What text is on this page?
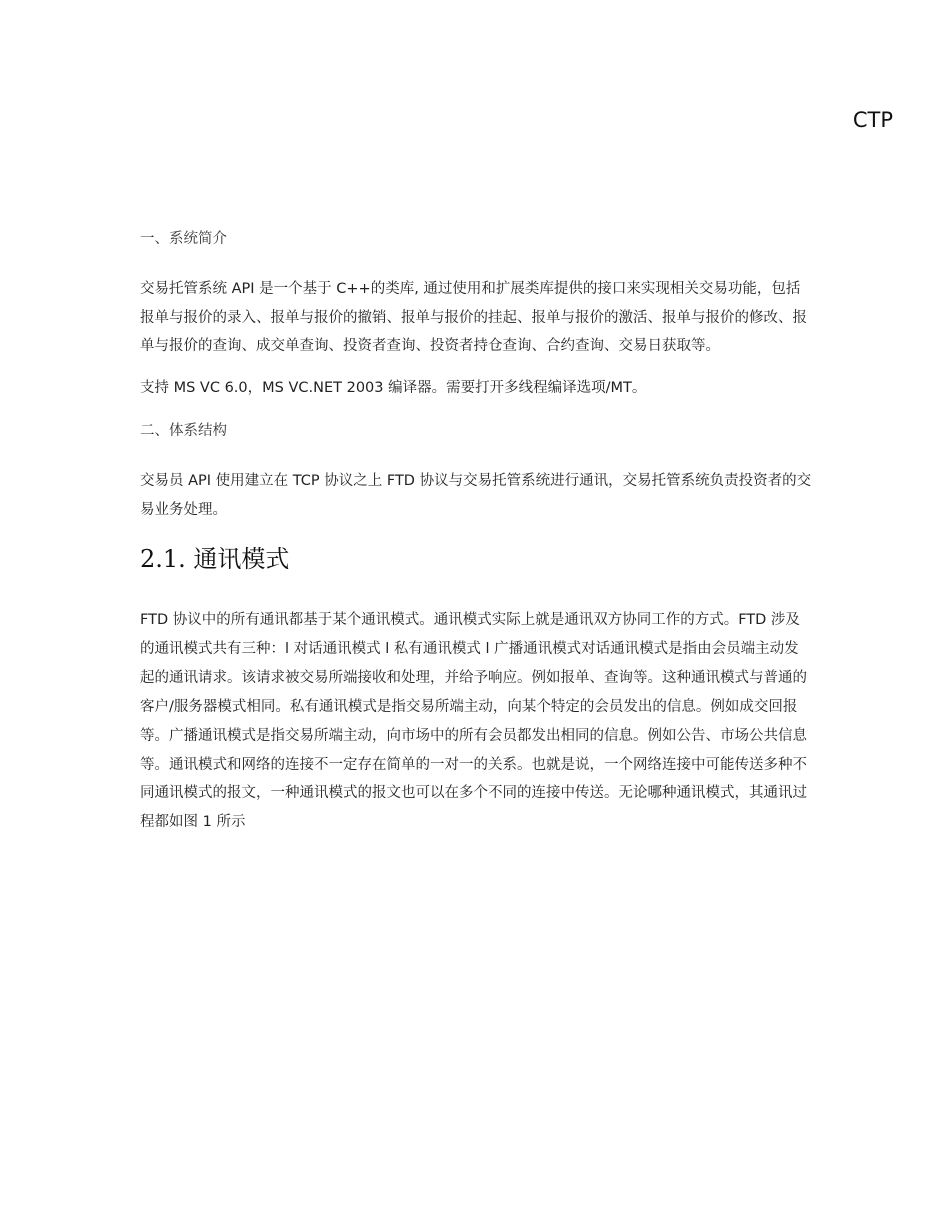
CTP
一、系统简介

交易托管系统 API 是一个基于 C++的类库, 通过使用和扩展类库提供的接口来实现相关交易功能，包括报单与报价的录入、报单与报价的撤销、报单与报价的挂起、报单与报价的激活、报单与报价的修改、报单与报价的查询、成交单查询、投资者查询、投资者持仓查询、合约查询、交易日获取等。

支持 MS VC 6.0，MS VC.NET 2003 编译器。需要打开多线程编译选项/MT。

二、体系结构

交易员 API 使用建立在 TCP 协议之上 FTD 协议与交易托管系统进行通讯，交易托管系统负责投资者的交易业务处理。

2.1. 通讯模式

FTD 协议中的所有通讯都基于某个通讯模式。通讯模式实际上就是通讯双方协同工作的方式。FTD 涉及的通讯模式共有三种：l 对话通讯模式 l 私有通讯模式 l 广播通讯模式对话通讯模式是指由会员端主动发起的通讯请求。该请求被交易所端接收和处理，并给予响应。例如报单、查询等。这种通讯模式与普通的客户/服务器模式相同。私有通讯模式是指交易所端主动，向某个特定的会员发出的信息。例如成交回报等。广播通讯模式是指交易所端主动，向市场中的所有会员都发出相同的信息。例如公告、市场公共信息等。通讯模式和网络的连接不一定存在简单的一对一的关系。也就是说，一个网络连接中可能传送多种不同通讯模式的报文，一种通讯模式的报文也可以在多个不同的连接中传送。无论哪种通讯模式，其通讯过程都如图 1 所示
